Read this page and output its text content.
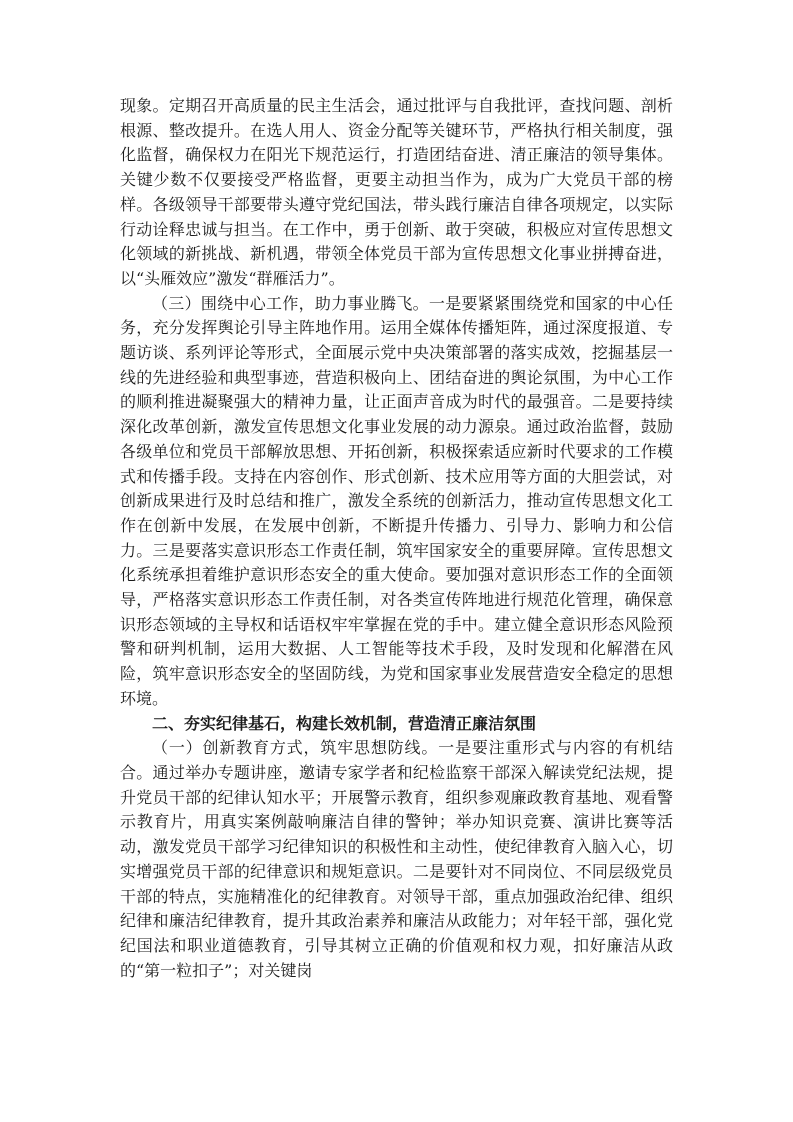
现象。定期召开高质量的民主生活会，通过批评与自我批评，查找问题、剖析根源、整改提升。在选人用人、资金分配等关键环节，严格执行相关制度，强化监督，确保权力在阳光下规范运行，打造团结奋进、清正廉洁的领导集体。关键少数不仅要接受严格监督，更要主动担当作为，成为广大党员干部的榜样。各级领导干部要带头遵守党纪国法，带头践行廉洁自律各项规定，以实际行动诠释忠诚与担当。在工作中，勇于创新、敢于突破，积极应对宣传思想文化领域的新挑战、新机遇，带领全体党员干部为宣传思想文化事业拼搏奋进，以“头雁效应”激发“群雁活力”。

（三）围绕中心工作，助力事业腾飞。一是要紧紧围绕党和国家的中心任务，充分发挥舆论引导主阵地作用。运用全媒体传播矩阵，通过深度报道、专题访谈、系列评论等形式，全面展示党中央决策部署的落实成效，挖掘基层一线的先进经验和典型事迹，营造积极向上、团结奋进的舆论氛围，为中心工作的顺利推进凝聚强大的精神力量，让正面声音成为时代的最强音。二是要持续深化改革创新，激发宣传思想文化事业发展的动力源泉。通过政治监督，鼓励各级单位和党员干部解放思想、开拓创新，积极探索适应新时代要求的工作模式和传播手段。支持在内容创作、形式创新、技术应用等方面的大胆尝试，对创新成果进行及时总结和推广，激发全系统的创新活力，推动宣传思想文化工作在创新中发展，在发展中创新，不断提升传播力、引导力、影响力和公信力。三是要落实意识形态工作责任制，筑牢国家安全的重要屏障。宣传思想文化系统承担着维护意识形态安全的重大使命。要加强对意识形态工作的全面领导，严格落实意识形态工作责任制，对各类宣传阵地进行规范化管理，确保意识形态领域的主导权和话语权牢牢掌握在党的手中。建立健全意识形态风险预警和研判机制，运用大数据、人工智能等技术手段，及时发现和化解潜在风险，筑牢意识形态安全的坚固防线，为党和国家事业发展营造安全稳定的思想环境。

二、夯实纪律基石，构建长效机制，营造清正廉洁氛围

（一）创新教育方式，筑牢思想防线。一是要注重形式与内容的有机结合。通过举办专题讲座，邀请专家学者和纪检监察干部深入解读党纪法规，提升党员干部的纪律认知水平；开展警示教育，组织参观廉政教育基地、观看警示教育片，用真实案例敲响廉洁自律的警钟；举办知识竞赛、演讲比赛等活动，激发党员干部学习纪律知识的积极性和主动性，使纪律教育入脑入心，切实增强党员干部的纪律意识和规矩意识。二是要针对不同岗位、不同层级党员干部的特点，实施精准化的纪律教育。对领导干部，重点加强政治纪律、组织纪律和廉洁纪律教育，提升其政治素养和廉洁从政能力；对年轻干部，强化党纪国法和职业道德教育，引导其树立正确的价值观和权力观，扣好廉洁从政的“第一粒扣子”；对关键岗
